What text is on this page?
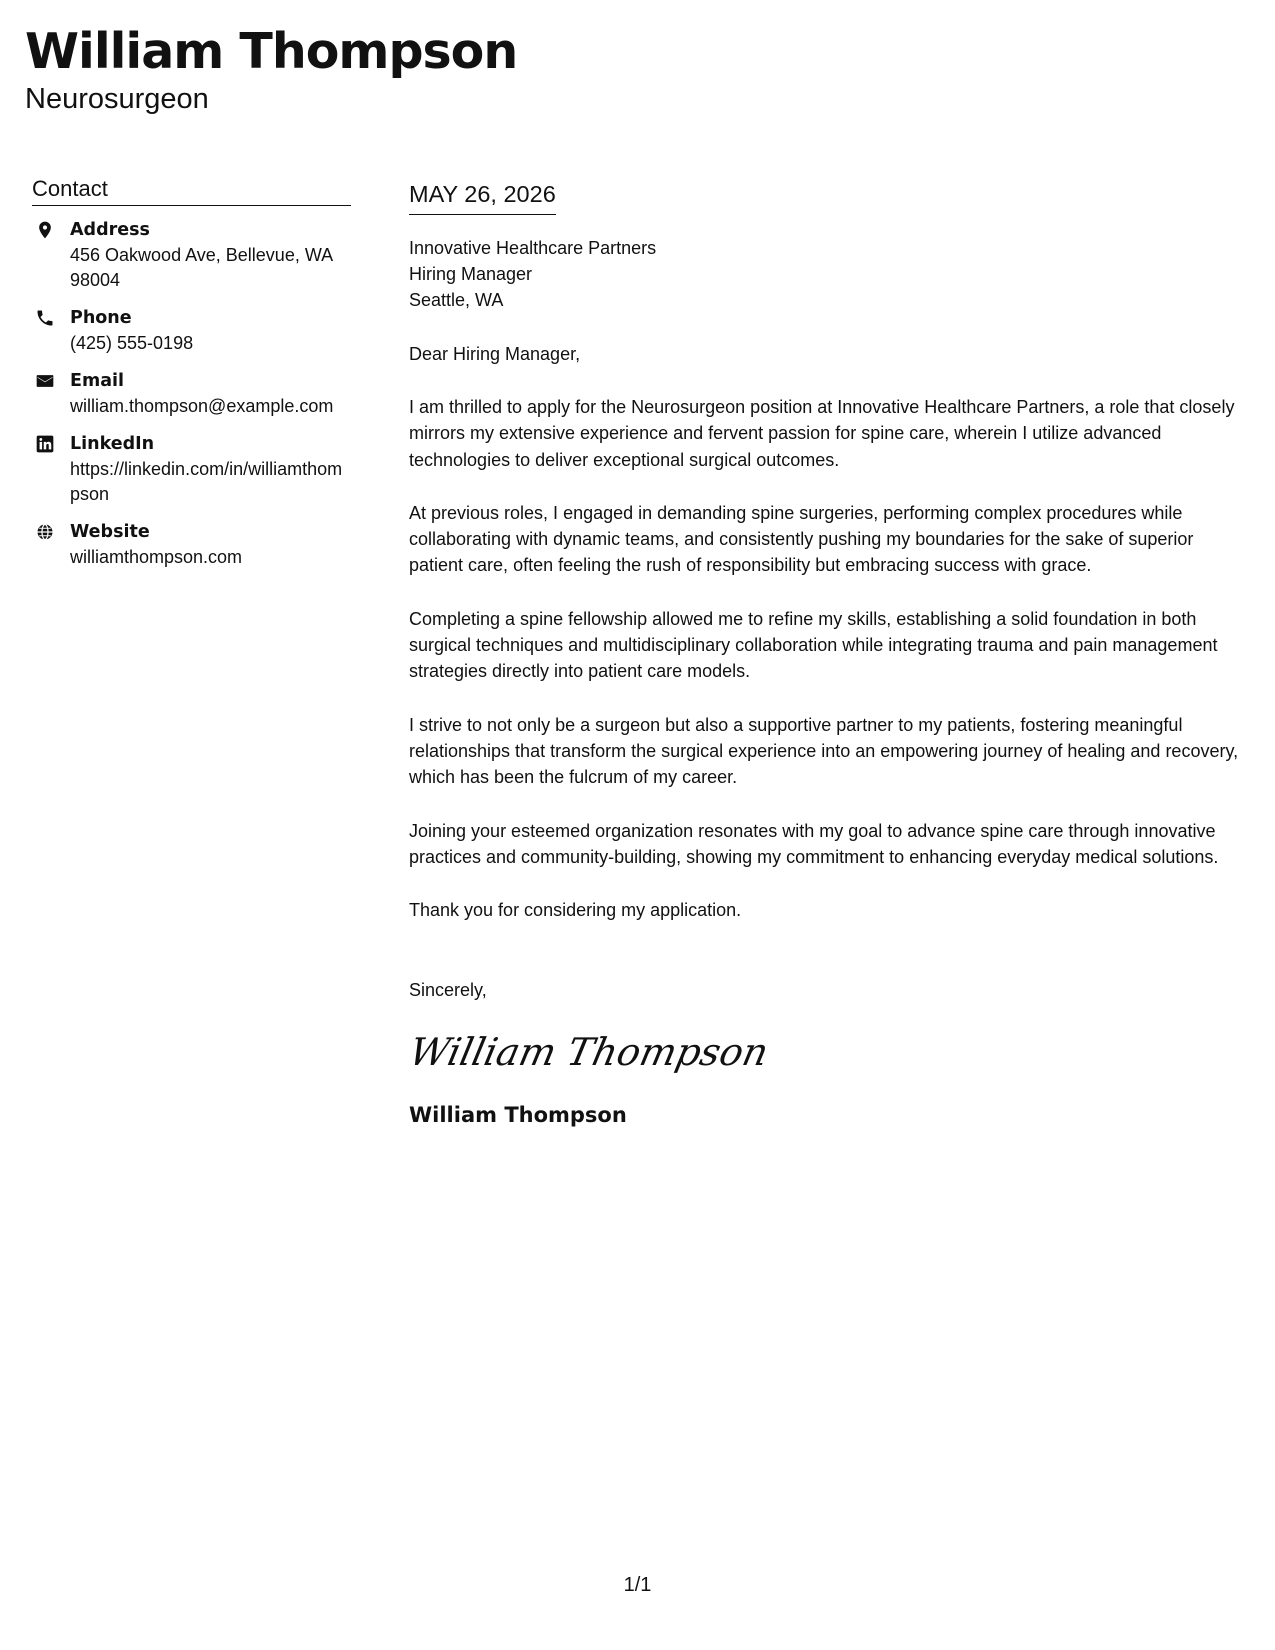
William Thompson
Neurosurgeon
Contact
Address
456 Oakwood Ave, Bellevue, WA 98004
Phone
(425) 555-0198
Email
william.thompson@example.com
LinkedIn
https://linkedin.com/in/williamthompson
Website
williamthompson.com
MAY 26, 2026
Innovative Healthcare Partners
Hiring Manager
Seattle, WA
Dear Hiring Manager,
I am thrilled to apply for the Neurosurgeon position at Innovative Healthcare Partners, a role that closely mirrors my extensive experience and fervent passion for spine care, wherein I utilize advanced technologies to deliver exceptional surgical outcomes.
At previous roles, I engaged in demanding spine surgeries, performing complex procedures while collaborating with dynamic teams, and consistently pushing my boundaries for the sake of superior patient care, often feeling the rush of responsibility but embracing success with grace.
Completing a spine fellowship allowed me to refine my skills, establishing a solid foundation in both surgical techniques and multidisciplinary collaboration while integrating trauma and pain management strategies directly into patient care models.
I strive to not only be a surgeon but also a supportive partner to my patients, fostering meaningful relationships that transform the surgical experience into an empowering journey of healing and recovery, which has been the fulcrum of my career.
Joining your esteemed organization resonates with my goal to advance spine care through innovative practices and community-building, showing my commitment to enhancing everyday medical solutions.
Thank you for considering my application.
Sincerely,
William Thompson
William Thompson
1/1
